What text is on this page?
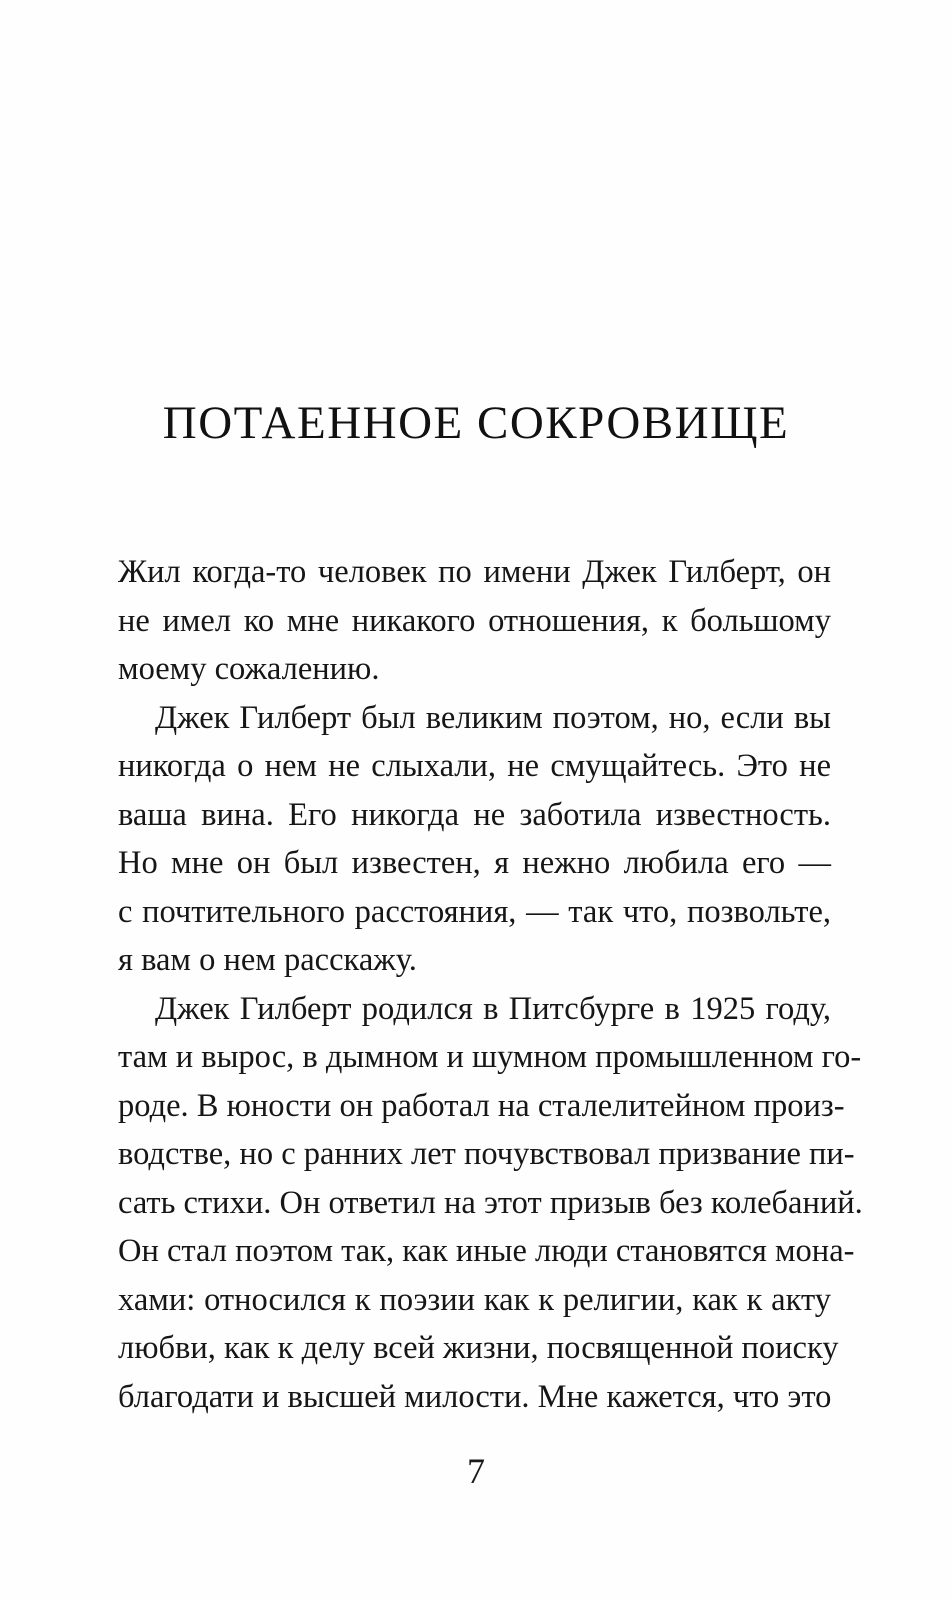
ПОТАЕННОЕ СОКРОВИЩЕ
Жил когда-то человек по имени Джек Гилберт, он
не имел ко мне никакого отношения, к большому
моему сожалению.
Джек Гилберт был великим поэтом, но, если вы
никогда о нем не слыхали, не смущайтесь. Это не
ваша вина. Его никогда не заботила известность.
Но мне он был известен, я нежно любила его —
с почтительного расстояния, — так что, позвольте,
я вам о нем расскажу.
Джек Гилберт родился в Питсбурге в 1925 году,
там и вырос, в дымном и шумном промышленном го-
роде. В юности он работал на сталелитейном произ-
водстве, но с ранних лет почувствовал призвание пи-
сать стихи. Он ответил на этот призыв без колебаний.
Он стал поэтом так, как иные люди становятся мона-
хами: относился к поэзии как к религии, как к акту
любви, как к делу всей жизни, посвященной поиску
благодати и высшей милости. Мне кажется, что это
7
